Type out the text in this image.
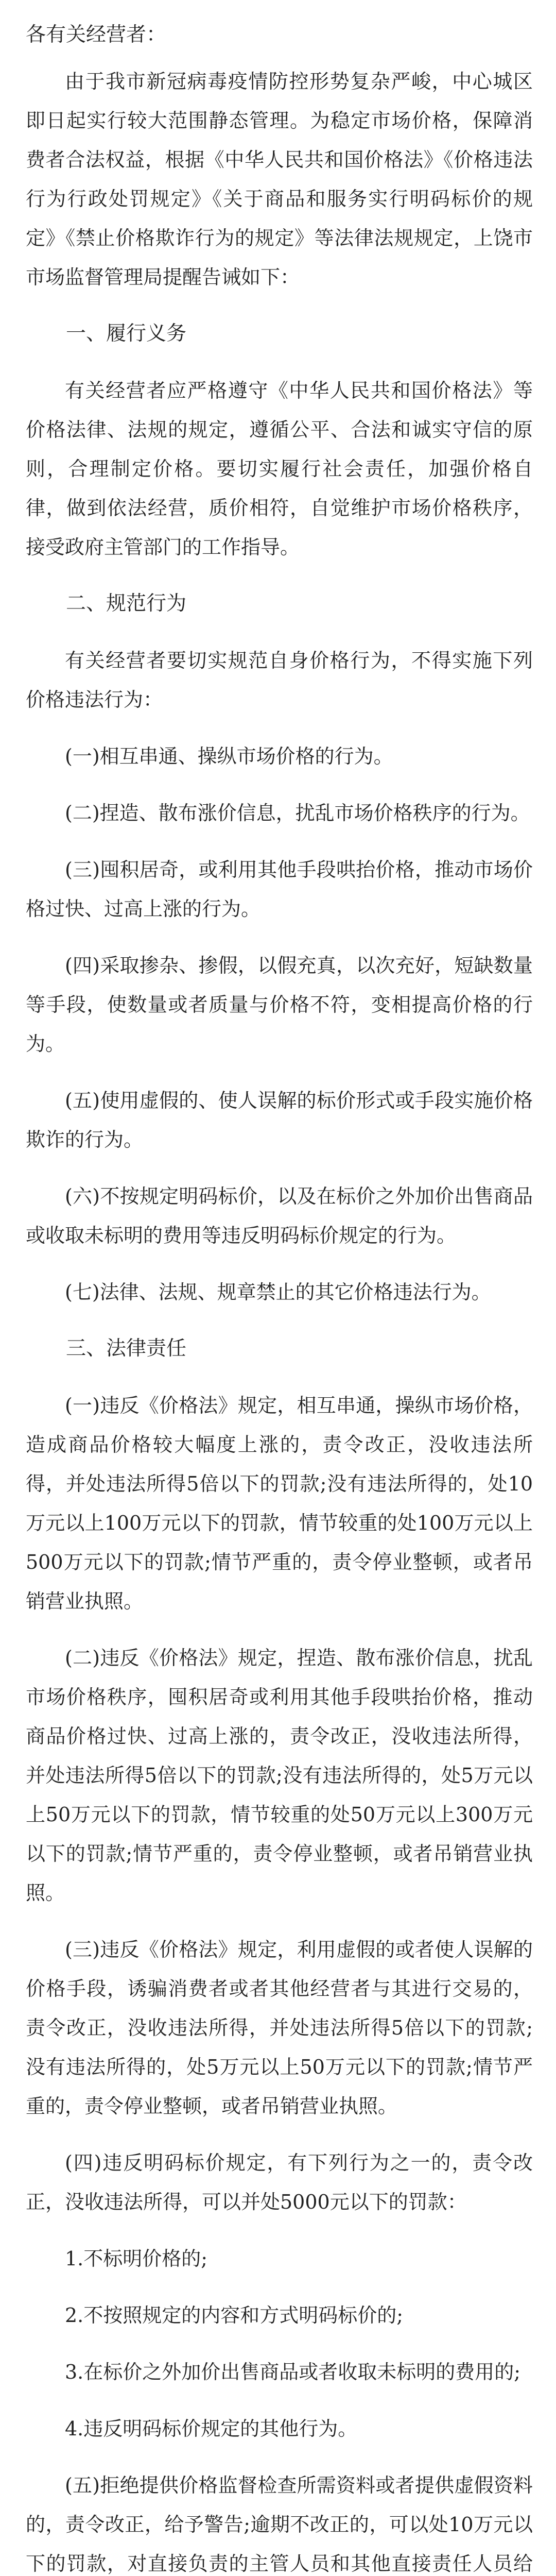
各有关经营者：

由于我市新冠病毒疫情防控形势复杂严峻，中心城区即日起实行较大范围静态管理。为稳定市场价格，保障消费者合法权益，根据《中华人民共和国价格法》《价格违法行为行政处罚规定》《关于商品和服务实行明码标价的规定》《禁止价格欺诈行为的规定》等法律法规规定，上饶市市场监督管理局提醒告诫如下：

一、履行义务

有关经营者应严格遵守《中华人民共和国价格法》等价格法律、法规的规定，遵循公平、合法和诚实守信的原则，合理制定价格。要切实履行社会责任，加强价格自律，做到依法经营，质价相符，自觉维护市场价格秩序，接受政府主管部门的工作指导。

二、规范行为

有关经营者要切实规范自身价格行为，不得实施下列价格违法行为：

(一)相互串通、操纵市场价格的行为。

(二)捏造、散布涨价信息，扰乱市场价格秩序的行为。

(三)囤积居奇，或利用其他手段哄抬价格，推动市场价格过快、过高上涨的行为。

(四)采取掺杂、掺假，以假充真，以次充好，短缺数量等手段，使数量或者质量与价格不符，变相提高价格的行为。

(五)使用虚假的、使人误解的标价形式或手段实施价格欺诈的行为。

(六)不按规定明码标价，以及在标价之外加价出售商品或收取未标明的费用等违反明码标价规定的行为。

(七)法律、法规、规章禁止的其它价格违法行为。

三、法律责任

(一)违反《价格法》规定，相互串通，操纵市场价格，造成商品价格较大幅度上涨的，责令改正，没收违法所得，并处违法所得5倍以下的罚款;没有违法所得的，处10万元以上100万元以下的罚款，情节较重的处100万元以上500万元以下的罚款;情节严重的，责令停业整顿，或者吊销营业执照。

(二)违反《价格法》规定，捏造、散布涨价信息，扰乱市场价格秩序，囤积居奇或利用其他手段哄抬价格，推动商品价格过快、过高上涨的，责令改正，没收违法所得，并处违法所得5倍以下的罚款;没有违法所得的，处5万元以上50万元以下的罚款，情节较重的处50万元以上300万元以下的罚款;情节严重的，责令停业整顿，或者吊销营业执照。

(三)违反《价格法》规定，利用虚假的或者使人误解的价格手段，诱骗消费者或者其他经营者与其进行交易的，责令改正，没收违法所得，并处违法所得5倍以下的罚款;没有违法所得的，处5万元以上50万元以下的罚款;情节严重的，责令停业整顿，或者吊销营业执照。

(四)违反明码标价规定，有下列行为之一的，责令改正，没收违法所得，可以并处5000元以下的罚款：

1.不标明价格的;

2.不按照规定的内容和方式明码标价的;

3.在标价之外加价出售商品或者收取未标明的费用的;

4.违反明码标价规定的其他行为。

(五)拒绝提供价格监督检查所需资料或者提供虚假资料的，责令改正，给予警告;逾期不改正的，可以处10万元以下的罚款，对直接负责的主管人员和其他直接责任人员给
